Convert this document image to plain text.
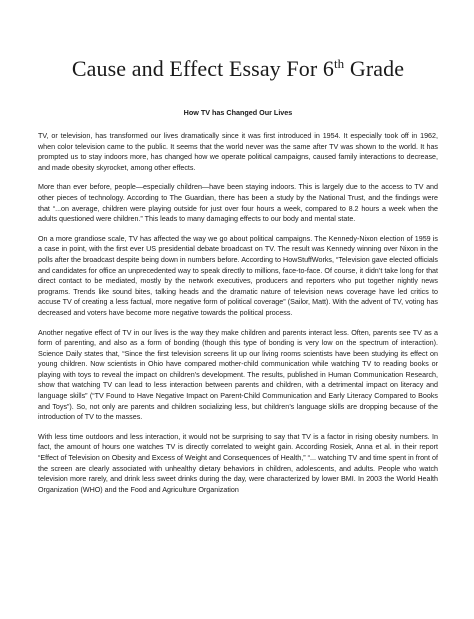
Cause and Effect Essay For 6th Grade
How TV has Changed Our Lives

TV, or television, has transformed our lives dramatically since it was first introduced in 1954. It especially took off in 1962, when color television came to the public. It seems that the world never was the same after TV was shown to the world. It has prompted us to stay indoors more, has changed how we operate political campaigns, caused family interactions to decrease, and made obesity skyrocket, among other effects.

More than ever before, people—especially children—have been staying indoors. This is largely due to the access to TV and other pieces of technology. According to The Guardian, there has been a study by the National Trust, and the findings were that “...on average, children were playing outside for just over four hours a week, compared to 8.2 hours a week when the adults questioned were children.” This leads to many damaging effects to our body and mental state.

On a more grandiose scale, TV has affected the way we go about political campaigns. The Kennedy-Nixon election of 1959 is a case in point, with the first ever US presidential debate broadcast on TV. The result was Kennedy winning over Nixon in the polls after the broadcast despite being down in numbers before. According to HowStuffWorks, “Television gave elected officials and candidates for office an unprecedented way to speak directly to millions, face-to-face. Of course, it didn’t take long for that direct contact to be mediated, mostly by the network executives, producers and reporters who put together nightly news programs. Trends like sound bites, talking heads and the dramatic nature of television news coverage have led critics to accuse TV of creating a less factual, more negative form of political coverage” (Sailor, Matt). With the advent of TV, voting has decreased and voters have become more negative towards the political process.

Another negative effect of TV in our lives is the way they make children and parents interact less. Often, parents see TV as a form of parenting, and also as a form of bonding (though this type of bonding is very low on the spectrum of interaction). Science Daily states that, “Since the first television screens lit up our living rooms scientists have been studying its effect on young children. Now scientists in Ohio have compared mother-child communication while watching TV to reading books or playing with toys to reveal the impact on children’s development. The results, published in Human Communication Research, show that watching TV can lead to less interaction between parents and children, with a detrimental impact on literacy and language skills” (“TV Found to Have Negative Impact on Parent-Child Communication and Early Literacy Compared to Books and Toys”). So, not only are parents and children socializing less, but children’s language skills are dropping because of the introduction of TV to the masses.

With less time outdoors and less interaction, it would not be surprising to say that TV is a factor in rising obesity numbers. In fact, the amount of hours one watches TV is directly correlated to weight gain. According Rosiek, Anna et al. in their report “Effect of Television on Obesity and Excess of Weight and Consequences of Health,” “... watching TV and time spent in front of the screen are clearly associated with unhealthy dietary behaviors in children, adolescents, and adults. People who watch television more rarely, and drink less sweet drinks during the day, were characterized by lower BMI. In 2003 the World Health Organization (WHO) and the Food and Agriculture Organization
